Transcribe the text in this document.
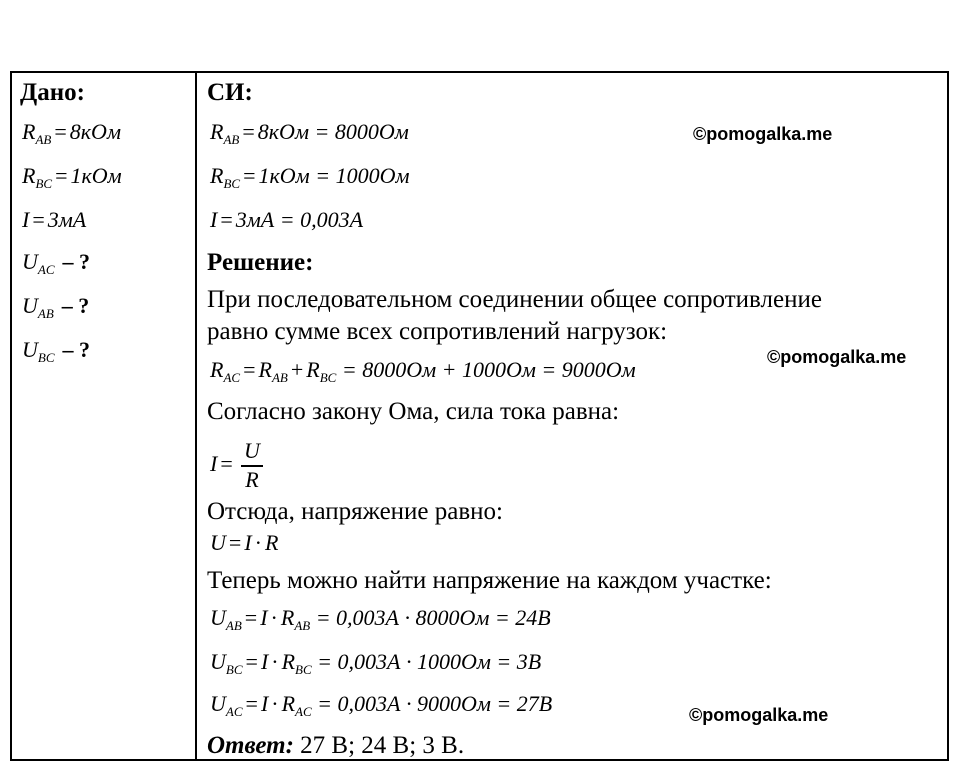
Дано:
$R_{AB} = 8кОм$
$R_{BC} = 1кОм$
I = 3мА
$U_{AC}$ – ?
$U_{AB}$ – ?
$U_{BC}$ – ?
СИ:
$R_{AB} = 8кОм = 8000Ом$
$R_{BC} = 1кОм = 1000Ом$
I = 3мА = 0,003А
Решение:
При последовательном соединении общее сопротивление
равно сумме всех сопротивлений нагрузок:
$R_{AC} = R_{AB} + R_{BC} = 8000Ом + 1000Ом = 9000Ом$
Согласно закону Ома, сила тока равна:
I =
U
R
Отсюда, напряжение равно:
U = I · R
Теперь можно найти напряжение на каждом участке:
$U_{AB} = I \cdot R_{AB} = 0,003А \cdot 8000Ом = 24В$
$U_{BC} = I \cdot R_{BC} = 0,003А \cdot 1000Ом = 3В$
$U_{AC} = I \cdot R_{AC} = 0,003А \cdot 9000Ом = 27В$
Ответ: 27 В; 24 В; 3 В.
©pomogalka.me
©pomogalka.me
©pomogalka.me
